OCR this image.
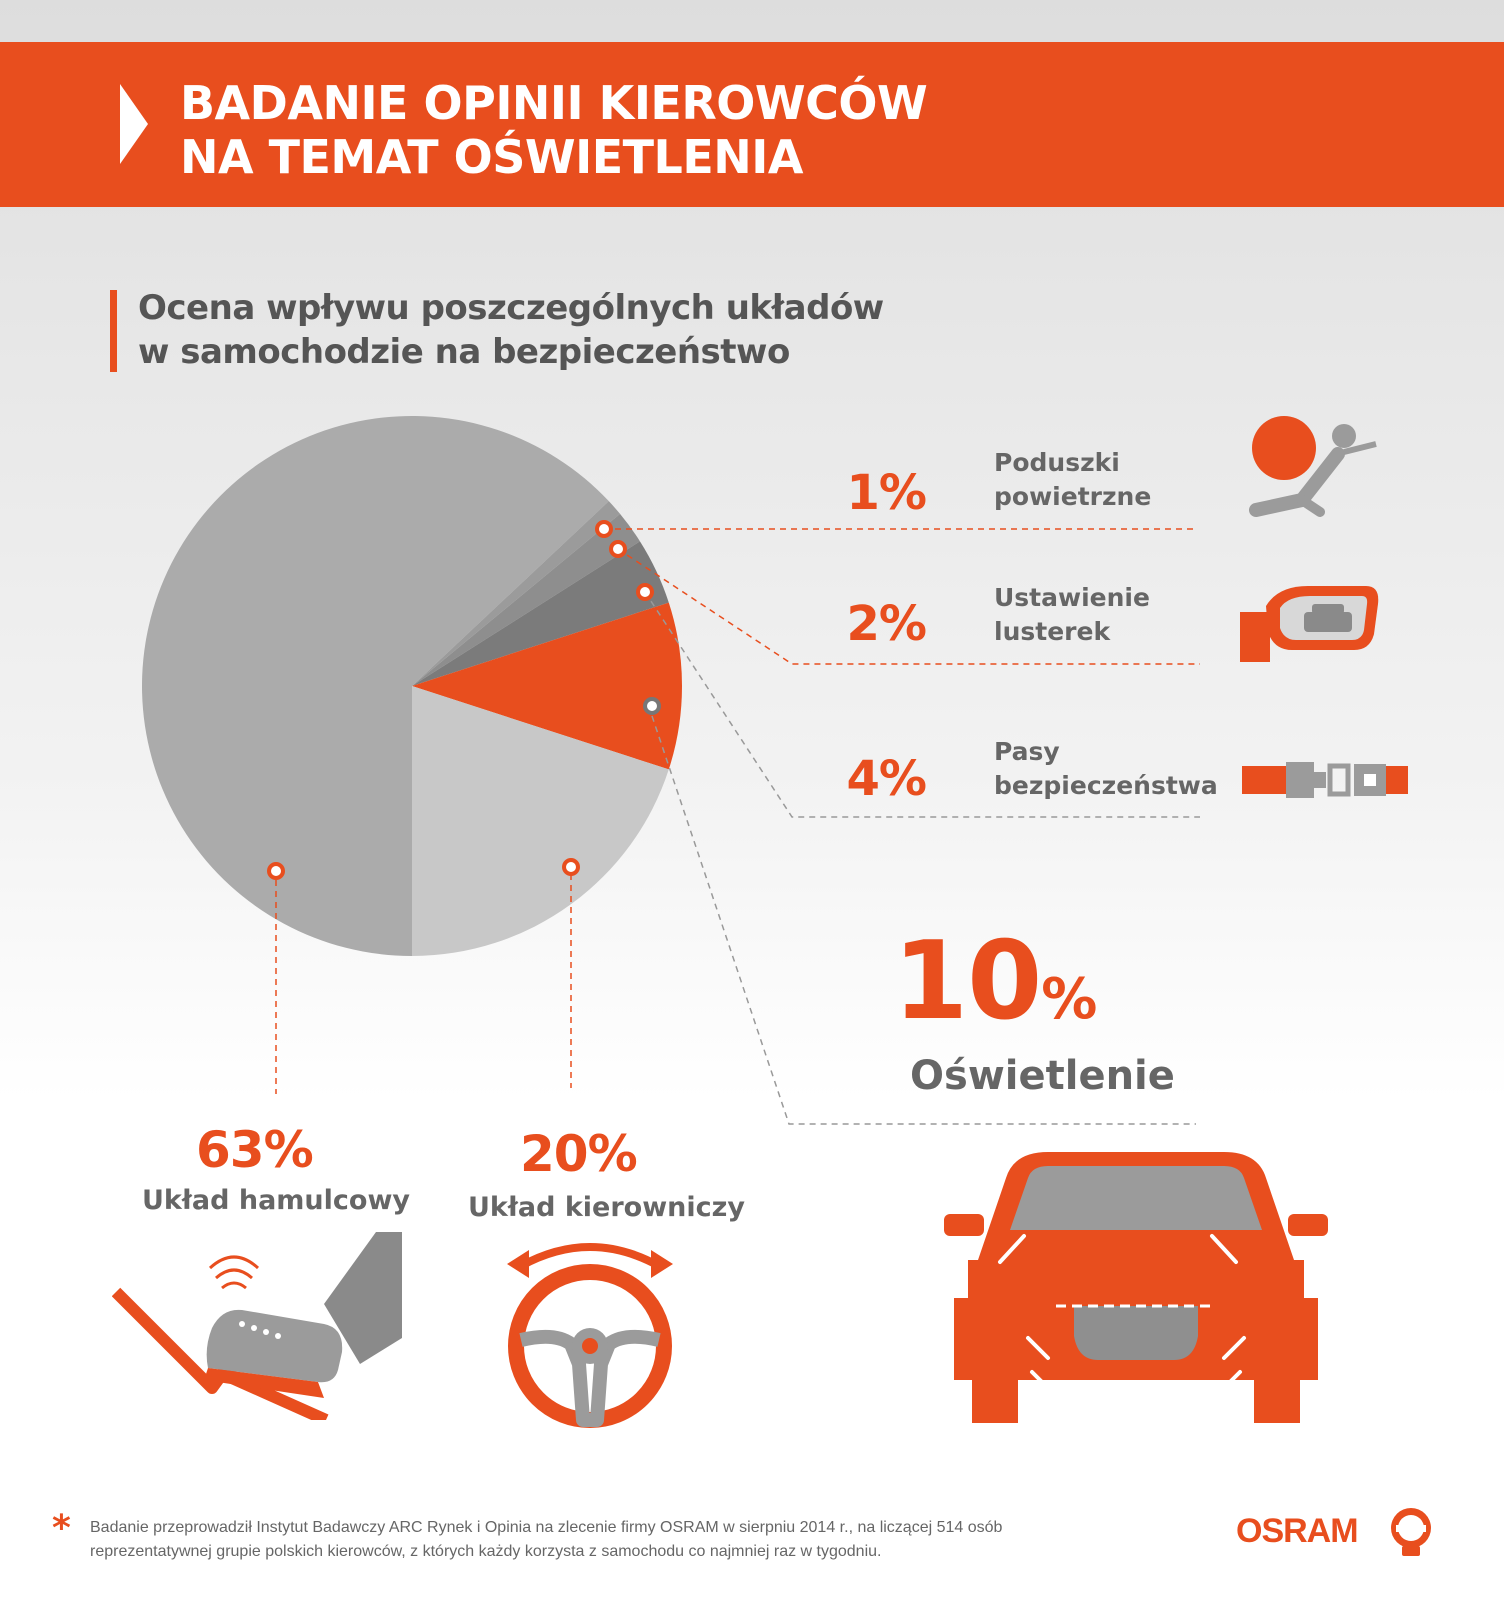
BADANIE OPINII KIEROWCÓW
NA TEMAT OŚWIETLENIA
Ocena wpływu poszczególnych układów
w samochodzie na bezpieczeństwo
1%
Poduszki
powietrzne
2%	Ustawienie
lusterek
4%	Pasy
bezpieczeństwa
10%
Oświetlenie
63%
Układ hamulcowy
20%
Układ kierowniczy
* Badanie przeprowadził Instytut Badawczy ARC Rynek i Opinia na zlecenie firmy OSRAM w sierpniu 2014 r., na liczącej 514 osób
reprezentatywnej grupie polskich kierowców, z których każdy korzysta z samochodu co najmniej raz w tygodniu.
OSRAM
